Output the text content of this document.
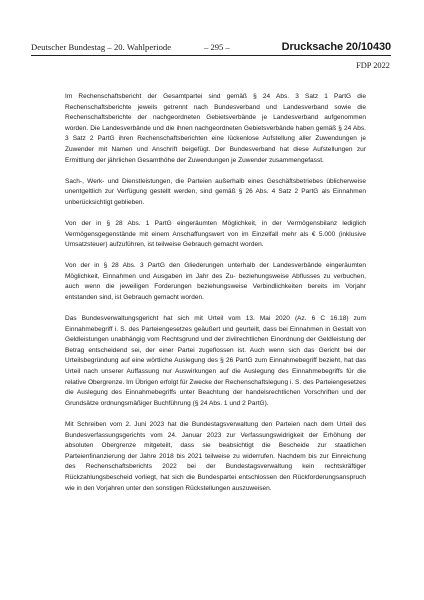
Deutscher Bundestag – 20. Wahlperiode	– 295 –	Drucksache 20/10430
FDP 2022

Im Rechenschaftsbericht der Gesamtpartei sind gemäß § 24 Abs. 3 Satz 1 PartG die Rechenschaftsberichte jeweils getrennt nach Bundesverband und Landesverband sowie die Rechenschaftsberichte der nachgeordneten Gebietsverbände je Landesverband aufgenommen worden. Die Landesverbände und die ihnen nachgeordneten Gebietsverbände haben gemäß § 24 Abs. 3 Satz 2 PartG ihren Rechenschaftsberichten eine lückenlose Aufstellung aller Zuwendungen je Zuwender mit Namen und Anschrift beigefügt. Der Bundesverband hat diese Aufstellungen zur Ermittlung der jährlichen Gesamthöhe der Zuwendungen je Zuwender zusammengefasst.

Sach-, Werk- und Dienstleistungen, die Parteien außerhalb eines Geschäftsbetriebes üblicherweise unentgeltlich zur Verfügung gestellt werden, sind gemäß § 26 Abs. 4 Satz 2 PartG als Einnahmen unberücksichtigt geblieben.

Von der in § 28 Abs. 1 PartG eingeräumten Möglichkeit, in der Vermögensbilanz lediglich Vermögensgegenstände mit einem Anschaffungswert von im Einzelfall mehr als € 5.000 (inklusive Umsatzsteuer) aufzuführen, ist teilweise Gebrauch gemacht worden.

Von der in § 28 Abs. 3 PartG den Gliederungen unterhalb der Landesverbände eingeräumten Möglichkeit, Einnahmen und Ausgaben im Jahr des Zu- beziehungsweise Abflusses zu verbuchen, auch wenn die jeweiligen Forderungen beziehungsweise Verbindlichkeiten bereits im Vorjahr entstanden sind, ist Gebrauch gemacht worden.

Das Bundesverwaltungsgericht hat sich mit Urteil vom 13. Mai 2020 (Az. 6 C 16.18) zum Einnahmebegriff i. S. des Parteiengesetzes geäußert und geurteilt, dass bei Einnahmen in Gestalt von Geldleistungen unabhängig vom Rechtsgrund und der zivilrechtlichen Einordnung der Geldleistung der Betrag entscheidend sei, der einer Partei zugeflossen ist. Auch wenn sich das Gericht bei der Urteilsbegründung auf eine wörtliche Auslegung des § 26 PartG zum Einnahmebegriff bezieht, hat das Urteil nach unserer Auffassung nur Auswirkungen auf die Auslegung des Einnahmebegriffs für die relative Obergrenze. Im Übrigen erfolgt für Zwecke der Rechenschaftslegung i. S. des Parteiengesetzes die Auslegung des Einnahmebegriffs unter Beachtung der handelsrechtlichen Vorschriften und der Grundsätze ordnungsmäßiger Buchführung (§ 24 Abs. 1 und 2 PartG).

Mit Schreiben vom 2. Juni 2023 hat die Bundestagsverwaltung den Parteien nach dem Urteil des Bundesverfassungsgerichts vom 24. Januar 2023 zur Verfassungswidrigkeit der Erhöhung der absoluten Obergrenze mitgeteilt, dass sie beabsichtigt die Bescheide zur staatlichen Parteienfinanzierung der Jahre 2018 bis 2021 teilweise zu widerrufen. Nachdem bis zur Einreichung des Rechenschaftsberichts 2022 bei der Bundestagsverwaltung kein rechtskräftiger Rückzahlungsbescheid vorliegt, hat sich die Bundespartei entschlossen den Rückforderungsanspruch wie in den Vorjahren unter den sonstigen Rückstellungen auszuweisen.
